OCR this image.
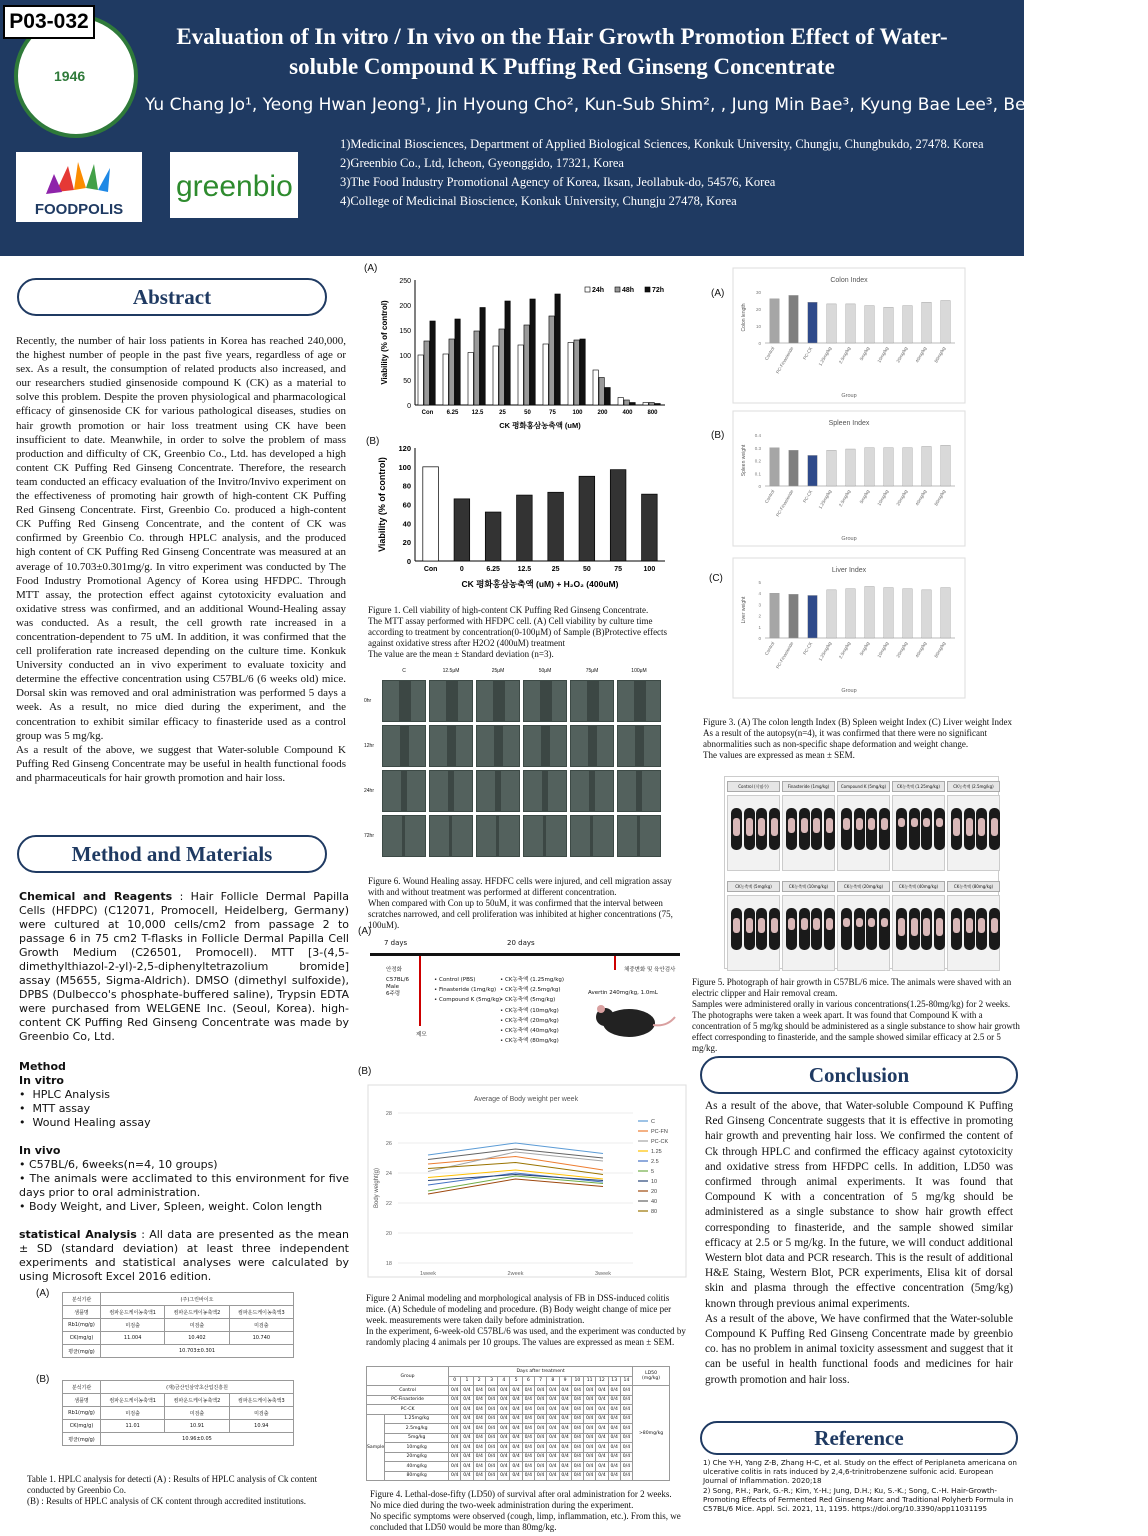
1946
P03-032
FOODPOLIS
greenbio
Evaluation of In vitro / In vivo on the Hair Growth Promotion Effect of Water-
soluble Compound K Puffing Red Ginseng Concentrate
Yu Chang Jo¹, Yeong Hwan Jeong¹, Jin Hyoung Cho², Kun-Sub Shim², , Jung Min Bae³, Kyung Bae Lee³, Beong ou Lim¹,⁴*
1)Medicinal Biosciences, Department of Applied Biological Sciences, Konkuk University, Chungju, Chungbukdo, 27478. Korea
2)Greenbio Co., Ltd, Icheon, Gyeonggido, 17321, Korea
3)The Food Industry Promotional Agency of Korea, Iksan, Jeollabuk-do, 54576, Korea
4)College of Medicinal Bioscience, Konkuk University, Chungju 27478, Korea
Abstract
Recently, the number of hair loss patients in Korea has reached 240,000, the highest number of people in the past five years, regardless of age or sex. As a result, the consumption of related products also increased, and our researchers studied ginsenoside compound K (CK) as a material to solve this problem. Despite the proven physiological and pharmacological efficacy of ginsenoside CK for various pathological diseases, studies on hair growth promotion or hair loss treatment using CK have been insufficient to date. Meanwhile, in order to solve the problem of mass production and difficulty of CK, Greenbio Co., Ltd. has developed a high content CK Puffing Red Ginseng Concentrate. Therefore, the research team conducted an efficacy evaluation of the Invitro/Invivo experiment on the effectiveness of promoting hair growth of high-content CK Puffing Red Ginseng Concentrate. First, Greenbio Co. produced a high-content CK Puffing Red Ginseng Concentrate, and the content of CK was confirmed by Greenbio Co. through HPLC analysis, and the produced high content of CK Puffing Red Ginseng Concentrate was measured at an average of 10.703±0.301mg/g. In vitro experiment was conducted by The Food Industry Promotional Agency of Korea using HFDPC. Through MTT assay, the protection effect against cytotoxicity evaluation and oxidative stress was confirmed, and an additional Wound-Healing assay was conducted. As a result, the cell growth rate increased in a concentration-dependent to 75 uM. In addition, it was confirmed that the cell proliferation rate increased depending on the culture time. Konkuk University conducted an in vivo experiment to evaluate toxicity and determine the effective concentration using C57BL/6 (6 weeks old) mice. Dorsal skin was removed and oral administration was performed 5 days a week. As a result, no mice died during the experiment, and the concentration to exhibit similar efficacy to finasteride used as a control group was 5 mg/kg.
As a result of the above, we suggest that Water-soluble Compound K Puffing Red Ginseng Concentrate may be useful in health functional foods and pharmaceuticals for hair growth promotion and hair loss.
Method and Materials
Chemical and Reagents : Hair Follicle Dermal Papilla Cells (HFDPC) (C12071, Promocell, Heidelberg, Germany) were cultured at 10,000 cells/cm2 from passage 2 to passage 6 in 75 cm2 T-flasks in Follicle Dermal Papilla Cell Growth Medium (C26501, Promocell). MTT [3-(4,5-dimethylthiazol-2-yl)-2,5-diphenyltetrazolium bromide] assay (M5655, Sigma-Aldrich). DMSO (dimethyl sulfoxide), DPBS (Dulbecco's phosphate-buffered saline), Trypsin EDTA were purchased from WELGENE Inc. (Seoul, Korea). high-content CK Puffing Red Ginseng Concentrate was made by Greenbio Co, Ltd.
Method
In vitro
•  HPLC Analysis
•  MTT assay
•  Wound Healing assay
In vivo
• C57BL/6, 6weeks(n=4, 10 groups)
• The animals were acclimated to this environment for five days prior to oral administration.
• Body Weight, and Liver, Spleen, weight. Colon length
statistical Analysis : All data are presented as the mean ± SD (standard deviation) at least three independent experiments and statistical analyses were calculated by using Microsoft Excel 2016 edition.
(A)
분석기관	(주)그린바이오		
샘플명	컴파운드케이농축액1	컴파운드케이농축액2	컴파운드케이농축액3
Rb1(mg/g)	미검출	미검출	미검출
CK(mg/g)	11.004	10.402	10.740
평균(mg/g)	10.703±0.301		
(B)
분석기관	(재)금산인삼약초산업진흥원		
샘플명	컴파운드케이농축액1	컴파운드케이농축액2	컴파운드케이농축액3
Rb1(mg/g)	미검출	미검출	미검출
CK(mg/g)	11.01	10.91	10.94
평균(mg/g)	10.96±0.05		
Table 1. HPLC analysis for detecti (A) : Results of HPLC analysis of Ck content conducted by Greenbio Co.
(B) : Results of HPLC analysis of CK content through accredited institutions.
(A)
0
50
100
150
200
250
Con 6.25 12.5	25	50	75	100 200 400 800
CK 평화홍삼농축액 (uM)
Viability (% of control)
24h	48h	72h
(B)
0
20
40
60
80
100
120
Con	0	6.25	12.5	25	50	75	100
CK 평화홍삼농축액 (uM) + H₂O₂ (400uM)
Viability (% of control)
Figure 1. Cell viability of high-content CK Puffing Red Ginseng Concentrate.
The MTT assay performed with HFDPC cell. (A) Cell viability by culture time according to treatment by concentration(0-100μM) of Sample (B)Protective effects against oxidative stress after H2O2 (400uM) treatment
The value are the mean ± Standard deviation (n=3).
C	12.5μM	25μM	50μM	75μM	100μM
0hr
12hr
24hr
72hr
Figure 6. Wound Healing assay. HFDFC cells were injured, and cell migration assay with and without treatment was performed at different concentration.
When compared with Con up to 50uM, it was confirmed that the interval between scratches narrowed, and cell proliferation was inhibited at higher concentrations (75, 100uM).
(A)
7 days	20 days
안정화
C57BL/6
Male
6주령
제모
체중변화 및 육안검사
• Control (PBS)
• Finasteride (1mg/kg)
• Compound K (5mg/kg)
• CK농축액 (1.25mg/kg)
• CK농축액 (2.5mg/kg)
• CK농축액 (5mg/kg)
• CK농축액 (10mg/kg)
• CK농축액 (20mg/kg)
• CK농축액 (40mg/kg)
• CK농축액 (80mg/kg)
Avertin 240mg/kg, 1.0mL
(B)
Average of Body weight per week
18
20
22
24
26
28
1week	2week	3week
Body weight(g)
C
PC-FN
PC-CK
1.25
2.5
5
10
20
40
80
Figure 2 Animal modeling and morphological analysis of FB in DSS-induced colitis mice. (A) Schedule of modeling and procedure. (B) Body weight change of mice per week. measurements were taken daily before administration.
In the experiment, 6-week-old C57BL/6 was used, and the experiment was conducted by randomly placing 4 animals per 10 groups. The values are expressed as mean ± SEM.
Group		Days after treatment															LD50
(mg/kg)
		0	1	2	3	4	5	6	7	8	9	10	11	12	13	14	
Control		0/4	0/4	0/4	0/4	0/4	0/4	0/4	0/4	0/4	0/4	0/4	0/4	0/4	0/4	0/4	>80mg/kg
PC-Finasteride		0/4	0/4	0/4	0/4	0/4	0/4	0/4	0/4	0/4	0/4	0/4	0/4	0/4	0/4	0/4	
PC-CK		0/4	0/4	0/4	0/4	0/4	0/4	0/4	0/4	0/4	0/4	0/4	0/4	0/4	0/4	0/4	
Sample	1.25mg/kg	0/4	0/4	0/4	0/4	0/4	0/4	0/4	0/4	0/4	0/4	0/4	0/4	0/4	0/4	0/4	
	2.5mg/kg	0/4	0/4	0/4	0/4	0/4	0/4	0/4	0/4	0/4	0/4	0/4	0/4	0/4	0/4	0/4	
	5mg/kg	0/4	0/4	0/4	0/4	0/4	0/4	0/4	0/4	0/4	0/4	0/4	0/4	0/4	0/4	0/4	
	10mg/kg	0/4	0/4	0/4	0/4	0/4	0/4	0/4	0/4	0/4	0/4	0/4	0/4	0/4	0/4	0/4	
	20mg/kg	0/4	0/4	0/4	0/4	0/4	0/4	0/4	0/4	0/4	0/4	0/4	0/4	0/4	0/4	0/4	
	40mg/kg	0/4	0/4	0/4	0/4	0/4	0/4	0/4	0/4	0/4	0/4	0/4	0/4	0/4	0/4	0/4	
	80mg/kg	0/4	0/4	0/4	0/4	0/4	0/4	0/4	0/4	0/4	0/4	0/4	0/4	0/4	0/4	0/4	
Figure 4. Lethal-dose-fifty (LD50) of survival after oral administration for 2 weeks.
No mice died during the two-week administration during the experiment.
No specific symptoms were observed (cough, limp, inflammation, etc.). From this, we concluded that LD50 would be more than 80mg/kg.
(A)
Colon Index
0
10
20
30
Colon length
Control PC-Finasteride PC-CK 1.25mg/kg 2.5mg/kg 5mg/kg 10mg/kg 20mg/kg 40mg/kg 80mg/kg
Group
(B)
Spleen Index
0
0.1
0.2
0.3
0.4
Spleen weight
Control PC-Finasteride PC-CK 1.25mg/kg 2.5mg/kg 5mg/kg 10mg/kg 20mg/kg 40mg/kg 80mg/kg
Group
(C)
Liver Index
0
1
2
3
4
5
Liver weight
Control PC-Finasteride PC-CK 1.25mg/kg 2.5mg/kg 5mg/kg 10mg/kg 20mg/kg 40mg/kg 80mg/kg
Group
Figure 3. (A) The colon length Index (B) Spleen weight Index (C) Liver weight Index
As a result of the autopsy(n=4), it was confirmed that there were no significant abnormalities such as non-specific shape deformation and weight change.
The values are expressed as mean ± SEM.
Control (식염수)	Finasteride (1mg/kg)	Compound K (5mg/kg)	CK농축액 (1.25mg/kg)	CK농축액 (2.5mg/kg)
CK농축액 (5mg/kg)	CK농축액 (10mg/kg)	CK농축액 (20mg/kg)	CK농축액 (40mg/kg)	CK농축액 (80mg/kg)
Figure 5. Photograph of hair growth in C57BL/6 mice. The animals were shaved with an electric clipper and Hair removal cream.
Samples were administered orally in various concentrations(1.25-80mg/kg) for 2 weeks. The photographs were taken a week apart. It was found that Compound K with a concentration of 5 mg/kg should be administered as a single substance to show hair growth effect corresponding to finasteride, and the sample showed similar efficacy at 2.5 or 5 mg/kg.
Conclusion
As a result of the above, that Water-soluble Compound K Puffing Red Ginseng Concentrate suggests that it is effective in promoting hair growth and preventing hair loss. We confirmed the content of Ck through HPLC and confirmed the efficacy against cytotoxicity and oxidative stress from HFDPC cells. In addition, LD50 was confirmed through animal experiments. It was found that Compound K with a concentration of 5 mg/kg should be administered as a single substance to show hair growth effect corresponding to finasteride, and the sample showed similar efficacy at 2.5 or 5 mg/kg. In the future, we will conduct additional Western blot data and PCR research. This is the result of additional H&E Staing, Western Blot, PCR experiments, Elisa kit of dorsal skin and plasma through the effective concentration (5mg/kg) known through previous animal experiments.
As a result of the above, We have confirmed that the Water-soluble Compound K Puffing Red Ginseng Concentrate made by greenbio co. has no problem in animal toxicity assessment and suggest that it can be useful in health functional foods and medicines for hair growth promotion and hair loss.
Reference
1) Che Y-H, Yang Z-B, Zhang H-C, et al. Study on the effect of Periplaneta americana on ulcerative colitis in rats induced by 2,4,6-trinitrobenzene sulfonic acid. European Journal of Inflammation. 2020;18
2) Song, P.H.; Park, G.-R.; Kim, Y.-H.; Jung, D.H.; Ku, S.-K.; Song, C.-H. Hair-Growth-Promoting Effects of Fermented Red Ginseng Marc and Traditional Polyherb Formula in C57BL/6 Mice. Appl. Sci. 2021, 11, 1195. https://doi.org/10.3390/app11031195
